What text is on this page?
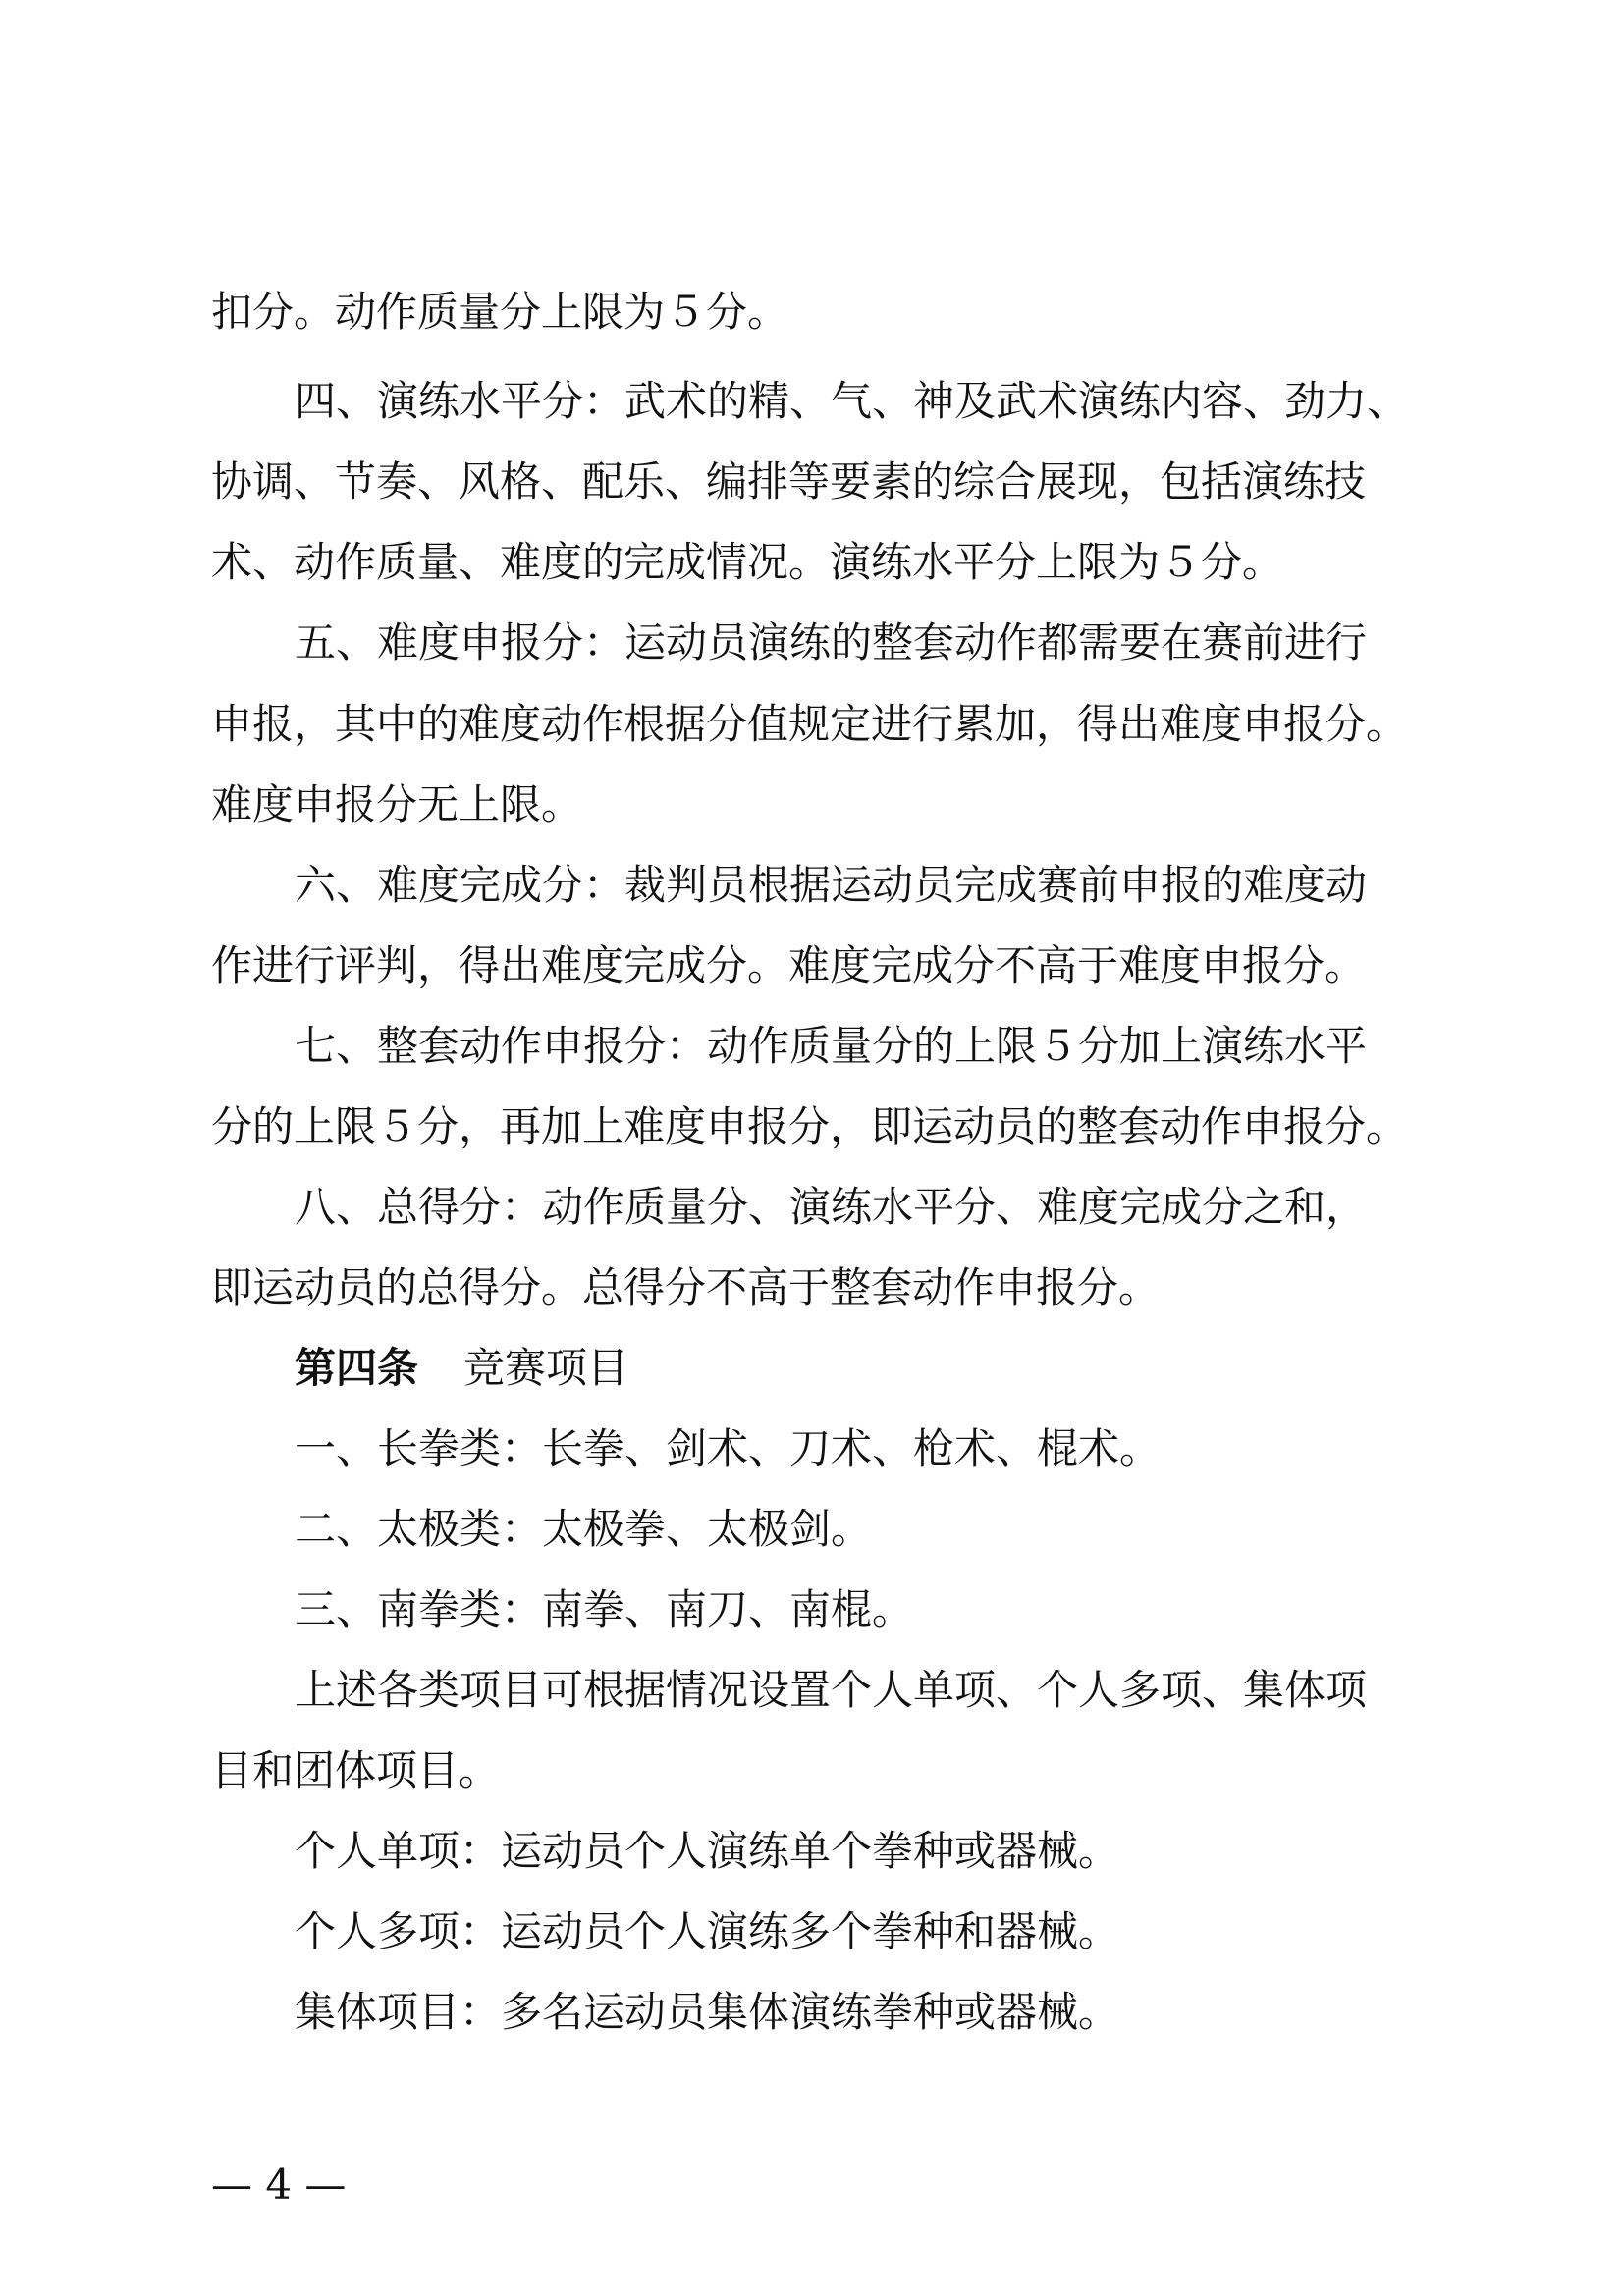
扣分。动作质量分上限为５分。
四、演练水平分：武术的精、气、神及武术演练内容、劲力、
协调、节奏、风格、配乐、编排等要素的综合展现，包括演练技
术、动作质量、难度的完成情况。演练水平分上限为５分。
五、难度申报分：运动员演练的整套动作都需要在赛前进行
申报，其中的难度动作根据分值规定进行累加，得出难度申报分。
难度申报分无上限。
六、难度完成分：裁判员根据运动员完成赛前申报的难度动
作进行评判，得出难度完成分。难度完成分不高于难度申报分。
七、整套动作申报分：动作质量分的上限５分加上演练水平
分的上限５分，再加上难度申报分，即运动员的整套动作申报分。
八、总得分：动作质量分、演练水平分、难度完成分之和，
即运动员的总得分。总得分不高于整套动作申报分。
第四条 竞赛项目
一、长拳类：长拳、剑术、刀术、枪术、棍术。
二、太极类：太极拳、太极剑。
三、南拳类：南拳、南刀、南棍。
上述各类项目可根据情况设置个人单项、个人多项、集体项
目和团体项目。
个人单项：运动员个人演练单个拳种或器械。
个人多项：运动员个人演练多个拳种和器械。
集体项目：多名运动员集体演练拳种或器械。
— 4 —
